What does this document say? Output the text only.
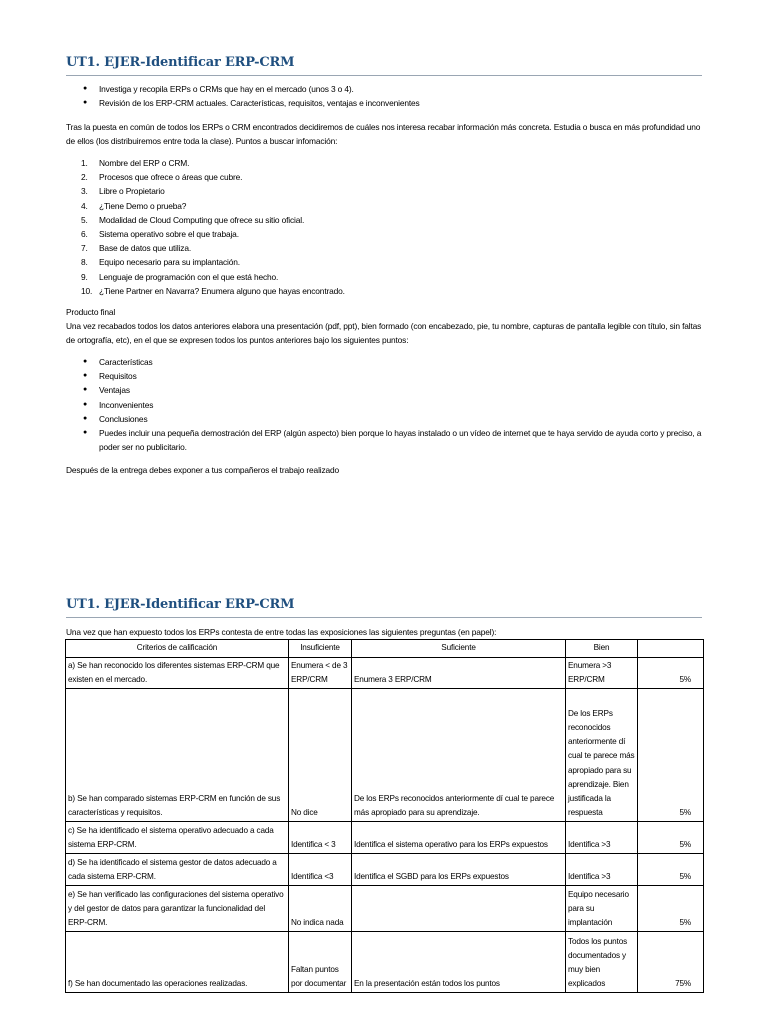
UT1. EJER-Identificar ERP-CRM
● Investiga y recopila ERPs o CRMs que hay en el mercado (unos 3 o 4).
● Revisión de los ERP-CRM actuales. Características, requisitos, ventajas e inconvenientes
Tras la puesta en común de todos los ERPs o CRM encontrados decidiremos de cuáles nos interesa recabar información más concreta. Estudia o busca en más profundidad uno de ellos (los distribuiremos entre toda la clase). Puntos a buscar infomación:
1. Nombre del ERP o CRM.
2. Procesos que ofrece o áreas que cubre.
3. Libre o Propietario
4. ¿Tiene Demo o prueba?
5. Modalidad de Cloud Computing que ofrece su sitio oficial.
6. Sistema operativo sobre el que trabaja.
7. Base de datos que utiliza.
8. Equipo necesario para su implantación.
9. Lenguaje de programación con el que está hecho.
10. ¿Tiene Partner en Navarra? Enumera alguno que hayas encontrado.
Producto final
Una vez recabados todos los datos anteriores elabora una presentación (pdf, ppt), bien formado (con encabezado, pie, tu nombre, capturas de pantalla legible con título, sin faltas de ortografía, etc), en el que se expresen todos los puntos anteriores bajo los siguientes puntos:
● Características
● Requisitos
● Ventajas
● Inconvenientes
● Conclusiones
● Puedes incluir una pequeña demostración del ERP (algún aspecto) bien porque lo hayas instalado o un vídeo de internet que te haya servido de ayuda corto y preciso, a poder ser no publicitario.
Después de la entrega debes exponer a tus compañeros el trabajo realizado
UT1. EJER-Identificar ERP-CRM
Una vez que han expuesto todos los ERPs contesta de entre todas las exposiciones las siguientes preguntas (en papel):
Criterios de calificación	Insuficiente	Suficiente	Bien	
a) Se han reconocido los diferentes sistemas ERP-CRM que existen en el mercado.	Enumera < de 3 ERP/CRM	Enumera 3 ERP/CRM	Enumera >3 ERP/CRM	5%
b) Se han comparado sistemas ERP-CRM en función de sus características y requisitos.	No dice	De los ERPs reconocidos anteriormente dí cual te parece más apropiado para su aprendizaje.	De los ERPs reconocidos anteriormente dí cual te parece más apropiado para su aprendizaje. Bien justificada la respuesta	5%
c) Se ha identificado el sistema operativo adecuado a cada sistema ERP-CRM.	Identifica < 3	Identifica el sistema operativo para los ERPs expuestos	Identifica >3	5%
d) Se ha identificado el sistema gestor de datos adecuado a cada sistema ERP-CRM.	Identifica <3	Identifica el SGBD para los ERPs expuestos	Identifica >3	5%
e) Se han verificado las configuraciones del sistema operativo y del gestor de datos para garantizar la funcionalidad del ERP-CRM.	No indica nada		Equipo necesario para su implantación	5%
f) Se han documentado las operaciones realizadas.	Faltan puntos por documentar	En la presentación están todos los puntos	Todos los puntos documentados y muy bien explicados	75%
